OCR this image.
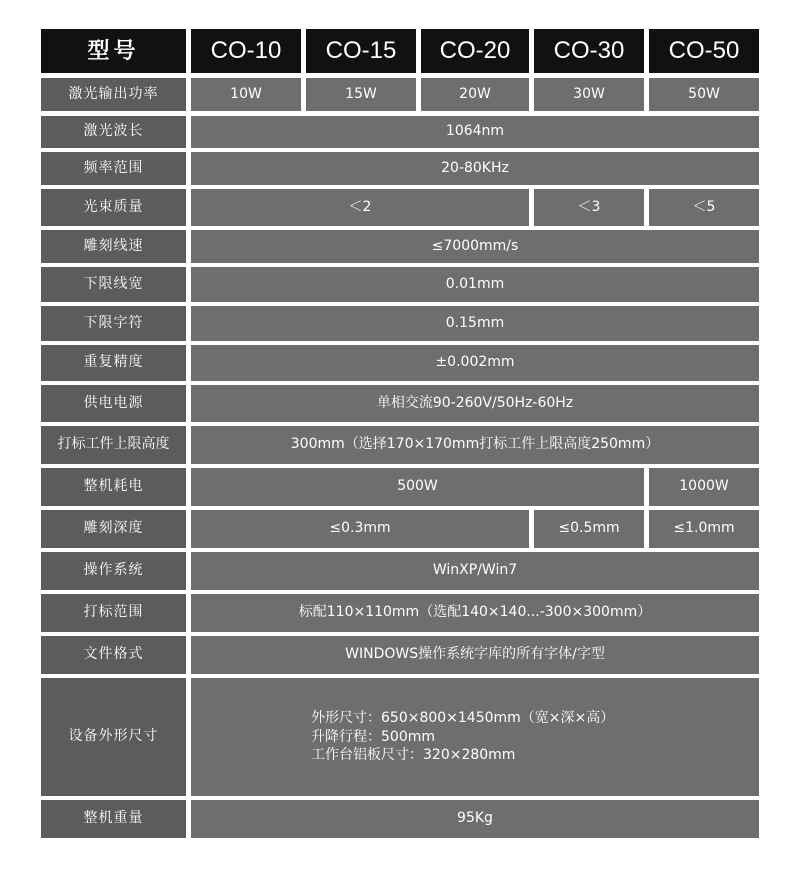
型号	CO-10	CO-15	CO-20	CO-30	CO-50
激光输出功率	10W	15W	20W	30W	50W
激光波长	1064nm
频率范围	20-80KHz
光束质量	＜2	＜3	＜5
雕刻线速	≤7000mm/s
下限线宽	0.01mm
下限字符	0.15mm
重复精度	±0.002mm
供电电源	单相交流90-260V/50Hz-60Hz
打标工件上限高度	300mm（选择170×170mm打标工件上限高度250mm）
整机耗电	500W	1000W
雕刻深度	≤0.3mm	≤0.5mm	≤1.0mm
操作系统	WinXP/Win7
打标范围	标配110×110mm（选配140×140...-300×300mm）
文件格式	WINDOWS操作系统字库的所有字体/字型
设备外形尺寸
外形尺寸：650×800×1450mm（宽×深×高）
升降行程：500mm
工作台铝板尺寸：320×280mm
整机重量	95Kg
